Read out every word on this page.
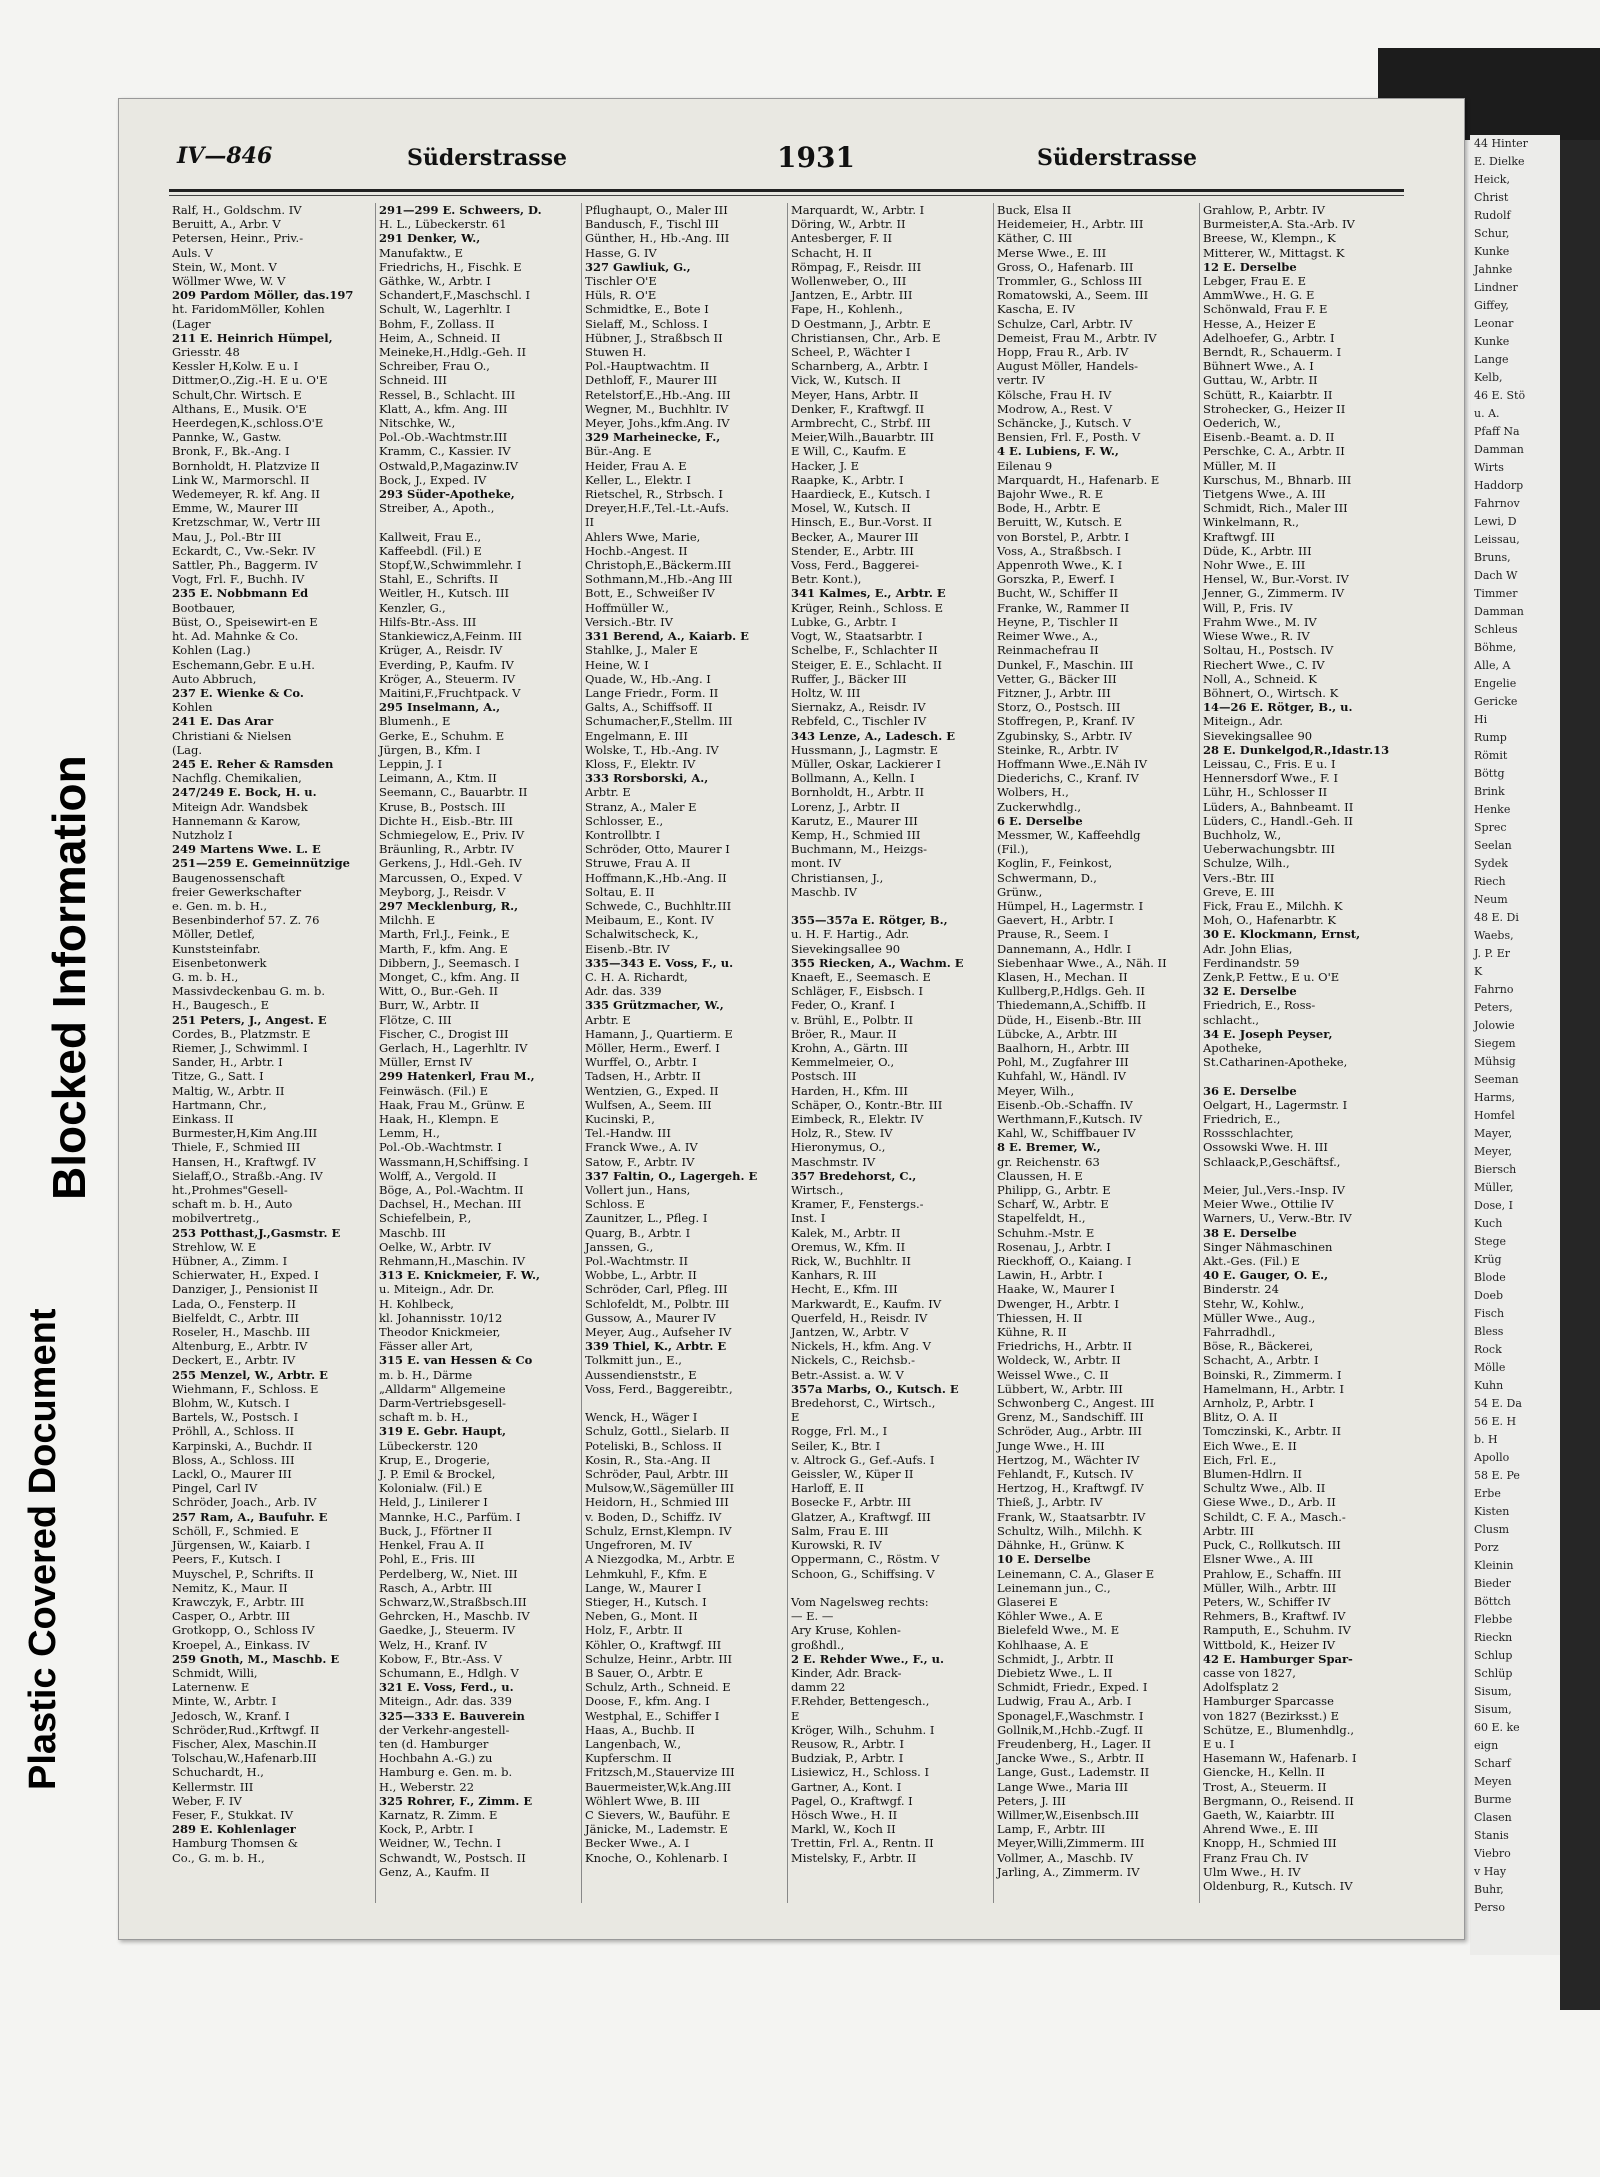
Blocked Information
Plastic Covered Document
44 Hinter
E. Dielke
Heick,
Christ
Rudolf
Schur,
Kunke
Jahnke
Lindner
Giffey,
Leonar
Kunke
Lange
Kelb,
46 E. Stö
u. A.
Pfaff Na
Damman
Wirts
Haddorp
Fahrnov
Lewi, D
Leissau,
Bruns,
Dach W
Timmer
Damman
Schleus
Böhme,
Alle, A
Engelie
Gericke
Hi
Rump
Römit
Böttg
Brink
Henke
Sprec
Seelan
Sydek
Riech
Neum
48 E. Di
Waebs,
J. P. Er
K
Fahrno
Peters,
Jolowie
Siegem
Mühsig
Seeman
Harms,
Homfel
Mayer,
Meyer,
Biersch
Müller,
Dose, I
Kuch
Stege
Krüg
Blode
Doeb
Fisch
Bless
Rock
Mölle
Kuhn
54 E. Da
56 E. H
b. H
Apollo
58 E. Pe
Erbe
Kisten
Clusm
Porz
Kleinin
Bieder
Böttch
Flebbe
Rieckn
Schlup
Schlüp
Sisum,
Sisum,
60 E. ke
eign
Scharf
Meyen
Burme
Clasen
Stanis
Viebro
v Hay
Buhr,
Perso
IV—846	Süderstrasse	1931	Süderstrasse
Ralf, H., Goldschm. IV
Beruitt, A., Arbr. V
Petersen, Heinr., Priv.-
Auls. V
Stein, W., Mont. V
Wöllmer Wwe, W. V
209 Pardom Möller, das.197
ht. FaridomMöller, Kohlen
(Lager
211 E. Heinrich Hümpel,
Griesstr. 48
Kessler H,Kolw. E u. I
Dittmer,O.,Zig.-H. E u. O'E
Schult,Chr. Wirtsch. E
Althans, E., Musik. O'E
Heerdegen,K.,schloss.O'E
Pannke, W., Gastw.
Bronk, F., Bk.-Ang. I
Bornholdt, H. Platzvize II
Link W., Marmorschl. II
Wedemeyer, R. kf. Ang. II
Emme, W., Maurer III
Kretzschmar, W., Vertr III
Mau, J., Pol.-Btr III
Eckardt, C., Vw.-Sekr. IV
Sattler, Ph., Baggerm. IV
Vogt, Frl. F., Buchh. IV
235 E. Nobbmann Ed
Bootbauer,
Büst, O., Speisewirt-en E
ht. Ad. Mahnke & Co.
Kohlen (Lag.)
Eschemann,Gebr. E u.H.
Auto Abbruch,
237 E. Wienke & Co.
Kohlen
241 E. Das Arar
Christiani & Nielsen
(Lag.
245 E. Reher & Ramsden
Nachflg. Chemikalien,
247/249 E. Bock, H. u.
Miteign Adr. Wandsbek
Hannemann & Karow,
Nutzholz I
249 Martens Wwe. L. E
251—259 E. Gemeinnützige
Baugenossenschaft
freier Gewerkschafter
e. Gen. m. b. H.,
Besenbinderhof 57. Z. 76
Möller, Detlef,
Kunststeinfabr.
Eisenbetonwerk
G. m. b. H.,
Massivdeckenbau G. m. b.
H., Baugesch., E
251 Peters, J., Angest. E
Cordes, B., Platzmstr. E
Riemer, J., Schwimml. I
Sander, H., Arbtr. I
Titze, G., Satt. I
Maltig, W., Arbtr. II
Hartmann, Chr.,
Einkass. II
Burmester,H,Kim Ang.III
Thiele, F., Schmied III
Hansen, H., Kraftwgf. IV
Sielaff,O., Straßb.-Ang. IV
ht.,Prohmes"Gesell-
schaft m. b. H., Auto
mobilvertretg.,
253 Potthast,J.,Gasmstr. E
Strehlow, W. E
Hübner, A., Zimm. I
Schierwater, H., Exped. I
Danziger, J., Pensionist II
Lada, O., Fensterp. II
Bielfeldt, C., Arbtr. III
Roseler, H., Maschb. III
Altenburg, E., Arbtr. IV
Deckert, E., Arbtr. IV
255 Menzel, W., Arbtr. E
Wiehmann, F., Schloss. E
Blohm, W., Kutsch. I
Bartels, W., Postsch. I
Pröhll, A., Schloss. II
Karpinski, A., Buchdr. II
Bloss, A., Schloss. III
Lackl, O., Maurer III
Pingel, Carl IV
Schröder, Joach., Arb. IV
257 Ram, A., Baufuhr. E
Schöll, F., Schmied. E
Jürgensen, W., Kaiarb. I
Peers, F., Kutsch. I
Muyschel, P., Schrifts. II
Nemitz, K., Maur. II
Krawczyk, F., Arbtr. III
Casper, O., Arbtr. III
Grotkopp, O., Schloss IV
Kroepel, A., Einkass. IV
259 Gnoth, M., Maschb. E
Schmidt, Willi,
Laternenw. E
Minte, W., Arbtr. I
Jedosch, W., Kranf. I
Schröder,Rud.,Krftwgf. II
Fischer, Alex, Maschin.II
Tolschau,W.,Hafenarb.III
Schuchardt, H.,
Kellermstr. III
Weber, F. IV
Feser, F., Stukkat. IV
289 E. Kohlenlager
Hamburg Thomsen &
Co., G. m. b. H.,
291—299 E. Schweers, D.
H. L., Lübeckerstr. 61
291 Denker, W.,
Manufaktw., E
Friedrichs, H., Fischk. E
Gäthke, W., Arbtr. I
Schandert,F.,Maschschl. I
Schult, W., Lagerhltr. I
Bohm, F., Zollass. II
Heim, A., Schneid. II
Meineke,H.,Hdlg.-Geh. II
Schreiber, Frau O.,
Schneid. III
Ressel, B., Schlacht. III
Klatt, A., kfm. Ang. III
Nitschke, W.,
Pol.-Ob.-Wachtmstr.III
Kramm, C., Kassier. IV
Ostwald,P.,Magazinw.IV
Bock, J., Exped. IV
293 Süder-Apotheke,
Streiber, A., Apoth.,

Kallweit, Frau E.,
Kaffeebdl. (Fil.) E
Stopf,W.,Schwimmlehr. I
Stahl, E., Schrifts. II
Weitler, H., Kutsch. III
Kenzler, G.,
Hilfs-Btr.-Ass. III
Stankiewicz,A,Feinm. III
Krüger, A., Reisdr. IV
Everding, P., Kaufm. IV
Kröger, A., Steuerm. IV
Maitini,F.,Fruchtpack. V
295 Inselmann, A.,
Blumenh., E
Gerke, E., Schuhm. E
Jürgen, B., Kfm. I
Leppin, J. I
Leimann, A., Ktm. II
Seemann, C., Bauarbtr. II
Kruse, B., Postsch. III
Dichte H., Eisb.-Btr. III
Schmiegelow, E., Priv. IV
Bräunling, R., Arbtr. IV
Gerkens, J., Hdl.-Geh. IV
Marcussen, O., Exped. V
Meyborg, J., Reisdr. V
297 Mecklenburg, R.,
Milchh. E
Marth, Frl.J., Feink., E
Marth, F., kfm. Ang. E
Dibbern, J., Seemasch. I
Monget, C., kfm. Ang. II
Witt, O., Bur.-Geh. II
Burr, W., Arbtr. II
Flötze, C. III
Fischer, C., Drogist III
Gerlach, H., Lagerhltr. IV
Müller, Ernst IV
299 Hatenkerl, Frau M.,
Feinwäsch. (Fil.) E
Haak, Frau M., Grünw. E
Haak, H., Klempn. E
Lemm, H.,
Pol.-Ob.-Wachtmstr. I
Wassmann,H,Schiffsing. I
Wolff, A., Vergold. II
Böge, A., Pol.-Wachtm. II
Dachsel, H., Mechan. III
Schiefelbein, P.,
Maschb. III
Oelke, W., Arbtr. IV
Rehmann,H.,Maschin. IV
313 E. Knickmeier, F. W.,
u. Miteign., Adr. Dr.
H. Kohlbeck,
kl. Johannisstr. 10/12
Theodor Knickmeier,
Fässer aller Art,
315 E. van Hessen & Co
m. b. H., Därme
„Alldarm" Allgemeine
Darm-Vertriebsgesell-
schaft m. b. H.,
319 E. Gebr. Haupt,
Lübeckerstr. 120
Krup, E., Drogerie,
J. P. Emil & Brockel,
Kolonialw. (Fil.) E
Held, J., Linilerer I
Mannke, H.C., Parfüm. I
Buck, J., Fförtner II
Henkel, Frau A. II
Pohl, E., Fris. III
Perdelberg, W., Niet. III
Rasch, A., Arbtr. III
Schwarz,W.,Straßbsch.III
Gehrcken, H., Maschb. IV
Gaedke, J., Steuerm. IV
Welz, H., Kranf. IV
Kobow, F., Btr.-Ass. V
Schumann, E., Hdlgh. V
321 E. Voss, Ferd., u.
Miteign., Adr. das. 339
325—333 E. Bauverein
der Verkehr-angestell-
ten (d. Hamburger
Hochbahn A.-G.) zu
Hamburg e. Gen. m. b.
H., Weberstr. 22
325 Rohrer, F., Zimm. E
Karnatz, R. Zimm. E
Kock, P., Arbtr. I
Weidner, W., Techn. I
Schwandt, W., Postsch. II
Genz, A., Kaufm. II
Pflughaupt, O., Maler III
Bandusch, F., Tischl III
Günther, H., Hb.-Ang. III
Hasse, G. IV
327 Gawliuk, G.,
Tischler O'E
Hüls, R. O'E
Schmidtke, E., Bote I
Sielaff, M., Schloss. I
Hübner, J., Straßbsch II
Stuwen H.
Pol.-Hauptwachtm. II
Dethloff, F., Maurer III
Retelstorf,E.,Hb.-Ang. III
Wegner, M., Buchhltr. IV
Meyer, Johs.,kfm.Ang. IV
329 Marheinecke, F.,
Bür.-Ang. E
Heider, Frau A. E
Keller, L., Elektr. I
Rietschel, R., Strbsch. I
Dreyer,H.F.,Tel.-Lt.-Aufs.
II
Ahlers Wwe, Marie,
Hochb.-Angest. II
Christoph,E.,Bäckerm.III
Sothmann,M.,Hb.-Ang III
Bott, E., Schweißer IV
Hoffmüller W.,
Versich.-Btr. IV
331 Berend, A., Kaiarb. E
Stahlke, J., Maler E
Heine, W. I
Quade, W., Hb.-Ang. I
Lange Friedr., Form. II
Galts, A., Schiffsoff. II
Schumacher,F.,Stellm. III
Engelmann, E. III
Wolske, T., Hb.-Ang. IV
Kloss, F., Elektr. IV
333 Rorsborski, A.,
Arbtr. E
Stranz, A., Maler E
Schlosser, E.,
Kontrollbtr. I
Schröder, Otto, Maurer I
Struwe, Frau A. II
Hoffmann,K.,Hb.-Ang. II
Soltau, E. II
Schwede, C., Buchhltr.III
Meibaum, E., Kont. IV
Schalwitscheck, K.,
Eisenb.-Btr. IV
335—343 E. Voss, F., u.
C. H. A. Richardt,
Adr. das. 339
335 Grützmacher, W.,
Arbtr. E
Hamann, J., Quartierm. E
Möller, Herm., Ewerf. I
Wurffel, O., Arbtr. I
Tadsen, H., Arbtr. II
Wentzien, G., Exped. II
Wulfsen, A., Seem. III
Kucinski, P.,
Tel.-Handw. III
Franck Wwe., A. IV
Satow, F., Arbtr. IV
337 Faltin, O., Lagergeh. E
Vollert jun., Hans,
Schloss. E
Zaunitzer, L., Pfleg. I
Quarg, B., Arbtr. I
Janssen, G.,
Pol.-Wachtmstr. II
Wobbe, L., Arbtr. II
Schröder, Carl, Pfleg. III
Schlofeldt, M., Polbtr. III
Gussow, A., Maurer IV
Meyer, Aug., Aufseher IV
339 Thiel, K., Arbtr. E
Tolkmitt jun., E.,
Aussendienststr., E
Voss, Ferd., Baggereibtr.,

Wenck, H., Wäger I
Schulz, Gottl., Sielarb. II
Poteliski, B., Schloss. II
Kosin, R., Sta.-Ang. II
Schröder, Paul, Arbtr. III
Mulsow,W.,Sägemüller III
Heidorn, H., Schmied III
v. Boden, D., Schiffz. IV
Schulz, Ernst,Klempn. IV
Ungefroren, M. IV
A Niezgodka, M., Arbtr. E
Lehmkuhl, F., Kfm. E
Lange, W., Maurer I
Stieger, H., Kutsch. I
Neben, G., Mont. II
Holz, F., Arbtr. II
Köhler, O., Kraftwgf. III
Schulze, Heinr., Arbtr. III
B Sauer, O., Arbtr. E
Schulz, Arth., Schneid. E
Doose, F., kfm. Ang. I
Westphal, E., Schiffer I
Haas, A., Buchb. II
Langenbach, W.,
Kupferschm. II
Fritzsch,M.,Stauervize III
Bauermeister,W,k.Ang.III
Wöhlert Wwe, B. III
C Sievers, W., Bauführ. E
Jänicke, M., Lademstr. E
Becker Wwe., A. I
Knoche, O., Kohlenarb. I
Marquardt, W., Arbtr. I
Döring, W., Arbtr. II
Antesberger, F. II
Schacht, H. II
Römpag, F., Reisdr. III
Wollenweber, O., III
Jantzen, E., Arbtr. III
Fape, H., Kohlenh.,
D Oestmann, J., Arbtr. E
Christiansen, Chr., Arb. E
Scheel, P., Wächter I
Scharnberg, A., Arbtr. I
Vick, W., Kutsch. II
Meyer, Hans, Arbtr. II
Denker, F., Kraftwgf. II
Armbrecht, C., Strbf. III
Meier,Wilh.,Bauarbtr. III
E Will, C., Kaufm. E
Hacker, J. E
Raapke, K., Arbtr. I
Haardieck, E., Kutsch. I
Mosel, W., Kutsch. II
Hinsch, E., Bur.-Vorst. II
Becker, A., Maurer III
Stender, E., Arbtr. III
Voss, Ferd., Baggerei-
Betr. Kont.),
341 Kalmes, E., Arbtr. E
Krüger, Reinh., Schloss. E
Lubke, G., Arbtr. I
Vogt, W., Staatsarbtr. I
Schelbe, F., Schlachter II
Steiger, E. E., Schlacht. II
Ruffer, J., Bäcker III
Holtz, W. III
Siernakz, A., Reisdr. IV
Rebfeld, C., Tischler IV
343 Lenze, A., Ladesch. E
Hussmann, J., Lagmstr. E
Müller, Oskar, Lackierer I
Bollmann, A., Kelln. I
Bornholdt, H., Arbtr. II
Lorenz, J., Arbtr. II
Karutz, E., Maurer III
Kemp, H., Schmied III
Buchmann, M., Heizgs-
mont. IV
Christiansen, J.,
Maschb. IV

355—357a E. Rötger, B.,
u. H. F. Hartig., Adr.
Sievekingsallee 90
355 Riecken, A., Wachm. E
Knaeft, E., Seemasch. E
Schläger, F., Eisbsch. I
Feder, O., Kranf. I
v. Brühl, E., Polbtr. II
Bröer, R., Maur. II
Krohn, A., Gärtn. III
Kemmelmeier, O.,
Postsch. III
Harden, H., Kfm. III
Schäper, O., Kontr.-Btr. III
Eimbeck, R., Elektr. IV
Holz, R., Stew. IV
Hieronymus, O.,
Maschmstr. IV
357 Bredehorst, C.,
Wirtsch.,
Kramer, F., Fenstergs.-
Inst. I
Kalek, M., Arbtr. II
Oremus, W., Kfm. II
Rick, W., Buchhltr. II
Kanhars, R. III
Hecht, E., Kfm. III
Markwardt, E., Kaufm. IV
Querfeld, H., Reisdr. IV
Jantzen, W., Arbtr. V
Nickels, H., kfm. Ang. V
Nickels, C., Reichsb.-
Betr.-Assist. a. W. V
357a Marbs, O., Kutsch. E
Bredehorst, C., Wirtsch.,
E
Rogge, Frl. M., I
Seiler, K., Btr. I
v. Altrock G., Gef.-Aufs. I
Geissler, W., Küper II
Harloff, E. II
Bosecke F., Arbtr. III
Glatzer, A., Kraftwgf. III
Salm, Frau E. III
Kurowski, R. IV
Oppermann, C., Röstm. V
Schoon, G., Schiffsing. V

Vom Nagelsweg rechts:
— E. —
Ary Kruse, Kohlen-
großhdl.,
2 E. Rehder Wwe., F., u.
Kinder, Adr. Brack-
damm 22
F.Rehder, Bettengesch.,
E
Kröger, Wilh., Schuhm. I
Reusow, R., Arbtr. I
Budziak, P., Arbtr. I
Lisiewicz, H., Schloss. I
Gartner, A., Kont. I
Pagel, O., Kraftwgf. I
Hösch Wwe., H. II
Markl, W., Koch II
Trettin, Frl. A., Rentn. II
Mistelsky, F., Arbtr. II
Buck, Elsa II
Heidemeier, H., Arbtr. III
Käther, C. III
Merse Wwe., E. III
Gross, O., Hafenarb. III
Trommler, G., Schloss III
Romatowski, A., Seem. III
Kascha, E. IV
Schulze, Carl, Arbtr. IV
Demeist, Frau M., Arbtr. IV
Hopp, Frau R., Arb. IV
August Möller, Handels-
vertr. IV
Kölsche, Frau H. IV
Modrow, A., Rest. V
Schäncke, J., Kutsch. V
Bensien, Frl. F., Posth. V
4 E. Lubiens, F. W.,
Eilenau 9
Marquardt, H., Hafenarb. E
Bajohr Wwe., R. E
Bode, H., Arbtr. E
Beruitt, W., Kutsch. E
von Borstel, P., Arbtr. I
Voss, A., Straßbsch. I
Appenroth Wwe., K. I
Gorszka, P., Ewerf. I
Bucht, W., Schiffer II
Franke, W., Rammer II
Heyne, P., Tischler II
Reimer Wwe., A.,
Reinmachefrau II
Dunkel, F., Maschin. III
Vetter, G., Bäcker III
Fitzner, J., Arbtr. III
Storz, O., Postsch. III
Stoffregen, P., Kranf. IV
Zgubinsky, S., Arbtr. IV
Steinke, R., Arbtr. IV
Hoffmann Wwe.,E.Näh IV
Diederichs, C., Kranf. IV
Wolbers, H.,
Zuckerwhdlg.,
6 E. Derselbe
Messmer, W., Kaffeehdlg
(Fil.),
Koglin, F., Feinkost,
Schwermann, D.,
Grünw.,
Hümpel, H., Lagermstr. I
Gaevert, H., Arbtr. I
Prause, R., Seem. I
Dannemann, A., Hdlr. I
Siebenhaar Wwe., A., Näh. II
Klasen, H., Mechan. II
Kullberg,P.,Hdlgs. Geh. II
Thiedemann,A.,Schiffb. II
Düde, H., Eisenb.-Btr. III
Lübcke, A., Arbtr. III
Baalhorn, H., Arbtr. III
Pohl, M., Zugfahrer III
Kuhfahl, W., Händl. IV
Meyer, Wilh.,
Eisenb.-Ob.-Schaffn. IV
Werthmann,F.,Kutsch. IV
Kahl, W., Schiffbauer IV
8 E. Bremer, W.,
gr. Reichenstr. 63
Claussen, H. E
Philipp, G., Arbtr. E
Scharf, W., Arbtr. E
Stapelfeldt, H.,
Schuhm.-Mstr. E
Rosenau, J., Arbtr. I
Rieckhoff, O., Kaiang. I
Lawin, H., Arbtr. I
Haake, W., Maurer I
Dwenger, H., Arbtr. I
Thiessen, H. II
Kühne, R. II
Friedrichs, H., Arbtr. II
Woldeck, W., Arbtr. II
Weissel Wwe., C. II
Lübbert, W., Arbtr. III
Schwonberg C., Angest. III
Grenz, M., Sandschiff. III
Schröder, Aug., Arbtr. III
Junge Wwe., H. III
Hertzog, M., Wächter IV
Fehlandt, F., Kutsch. IV
Hertzog, H., Kraftwgf. IV
Thieß, J., Arbtr. IV
Frank, W., Staatsarbtr. IV
Schultz, Wilh., Milchh. K
Dähnke, H., Grünw. K
10 E. Derselbe
Leinemann, C. A., Glaser E
Leinemann jun., C.,
Glaserei E
Köhler Wwe., A. E
Bielefeld Wwe., M. E
Kohlhaase, A. E
Schmidt, J., Arbtr. II
Diebietz Wwe., L. II
Schmidt, Friedr., Exped. I
Ludwig, Frau A., Arb. I
Sponagel,F.,Waschmstr. I
Gollnik,M.,Hchb.-Zugf. II
Freudenberg, H., Lager. II
Jancke Wwe., S., Arbtr. II
Lange, Gust., Lademstr. II
Lange Wwe., Maria III
Peters, J. III
Willmer,W.,Eisenbsch.III
Lamp, F., Arbtr. III
Meyer,Willi,Zimmerm. III
Vollmer, A., Maschb. IV
Jarling, A., Zimmerm. IV
Grahlow, P., Arbtr. IV
Burmeister,A. Sta.-Arb. IV
Breese, W., Klempn., K
Mitterer, W., Mittagst. K
12 E. Derselbe
Lebger, Frau E. E
AmmWwe., H. G. E
Schönwald, Frau F. E
Hesse, A., Heizer E
Adelhoefer, G., Arbtr. I
Berndt, R., Schauerm. I
Bühnert Wwe., A. I
Guttau, W., Arbtr. II
Schütt, R., Kaiarbtr. II
Strohecker, G., Heizer II
Oederich, W.,
Eisenb.-Beamt. a. D. II
Perschke, C. A., Arbtr. II
Müller, M. II
Kurschus, M., Bhnarb. III
Tietgens Wwe., A. III
Schmidt, Rich., Maler III
Winkelmann, R.,
Kraftwgf. III
Düde, K., Arbtr. III
Nohr Wwe., E. III
Hensel, W., Bur.-Vorst. IV
Jenner, G., Zimmerm. IV
Will, P., Fris. IV
Frahm Wwe., M. IV
Wiese Wwe., R. IV
Soltau, H., Postsch. IV
Riechert Wwe., C. IV
Noll, A., Schneid. K
Böhnert, O., Wirtsch. K
14—26 E. Rötger, B., u.
Miteign., Adr.
Sievekingsallee 90
28 E. Dunkelgod,R.,Idastr.13
Leissau, C., Fris. E u. I
Hennersdorf Wwe., F. I
Lühr, H., Schlosser II
Lüders, A., Bahnbeamt. II
Lüders, C., Handl.-Geh. II
Buchholz, W.,
Ueberwachungsbtr. III
Schulze, Wilh.,
Vers.-Btr. III
Greve, E. III
Fick, Frau E., Milchh. K
Moh, O., Hafenarbtr. K
30 E. Klockmann, Ernst,
Adr. John Elias,
Ferdinandstr. 59
Zenk,P. Fettw., E u. O'E
32 E. Derselbe
Friedrich, E., Ross-
schlacht.,
34 E. Joseph Peyser,
Apotheke,
St.Catharinen-Apotheke,

36 E. Derselbe
Oelgart, H., Lagermstr. I
Friedrich, E.,
Rossschlachter,
Ossowski Wwe. H. III
Schlaack,P.,Geschäftsf.,

Meier, Jul.,Vers.-Insp. IV
Meier Wwe., Ottilie IV
Warners, U., Verw.-Btr. IV
38 E. Derselbe
Singer Nähmaschinen
Akt.-Ges. (Fil.) E
40 E. Gauger, O. E.,
Binderstr. 24
Stehr, W., Kohlw.,
Müller Wwe., Aug.,
Fahrradhdl.,
Böse, R., Bäckerei,
Schacht, A., Arbtr. I
Boinski, R., Zimmerm. I
Hamelmann, H., Arbtr. I
Arnholz, P., Arbtr. I
Blitz, O. A. II
Tomczinski, K., Arbtr. II
Eich Wwe., E. II
Eich, Frl. E.,
Blumen-Hdlrn. II
Schultz Wwe., Alb. II
Giese Wwe., D., Arb. II
Schildt, C. F. A., Masch.-
Arbtr. III
Puck, C., Rollkutsch. III
Elsner Wwe., A. III
Prahlow, E., Schaffn. III
Müller, Wilh., Arbtr. III
Peters, W., Schiffer IV
Rehmers, B., Kraftwf. IV
Ramputh, E., Schuhm. IV
Wittbold, K., Heizer IV
42 E. Hamburger Spar-
casse von 1827,
Adolfsplatz 2
Hamburger Sparcasse
von 1827 (Bezirksst.) E
Schütze, E., Blumenhdlg.,
E u. I
Hasemann W., Hafenarb. I
Giencke, H., Kelln. II
Trost, A., Steuerm. II
Bergmann, O., Reisend. II
Gaeth, W., Kaiarbtr. III
Ahrend Wwe., E. III
Knopp, H., Schmied III
Franz Frau Ch. IV
Ulm Wwe., H. IV
Oldenburg, R., Kutsch. IV
